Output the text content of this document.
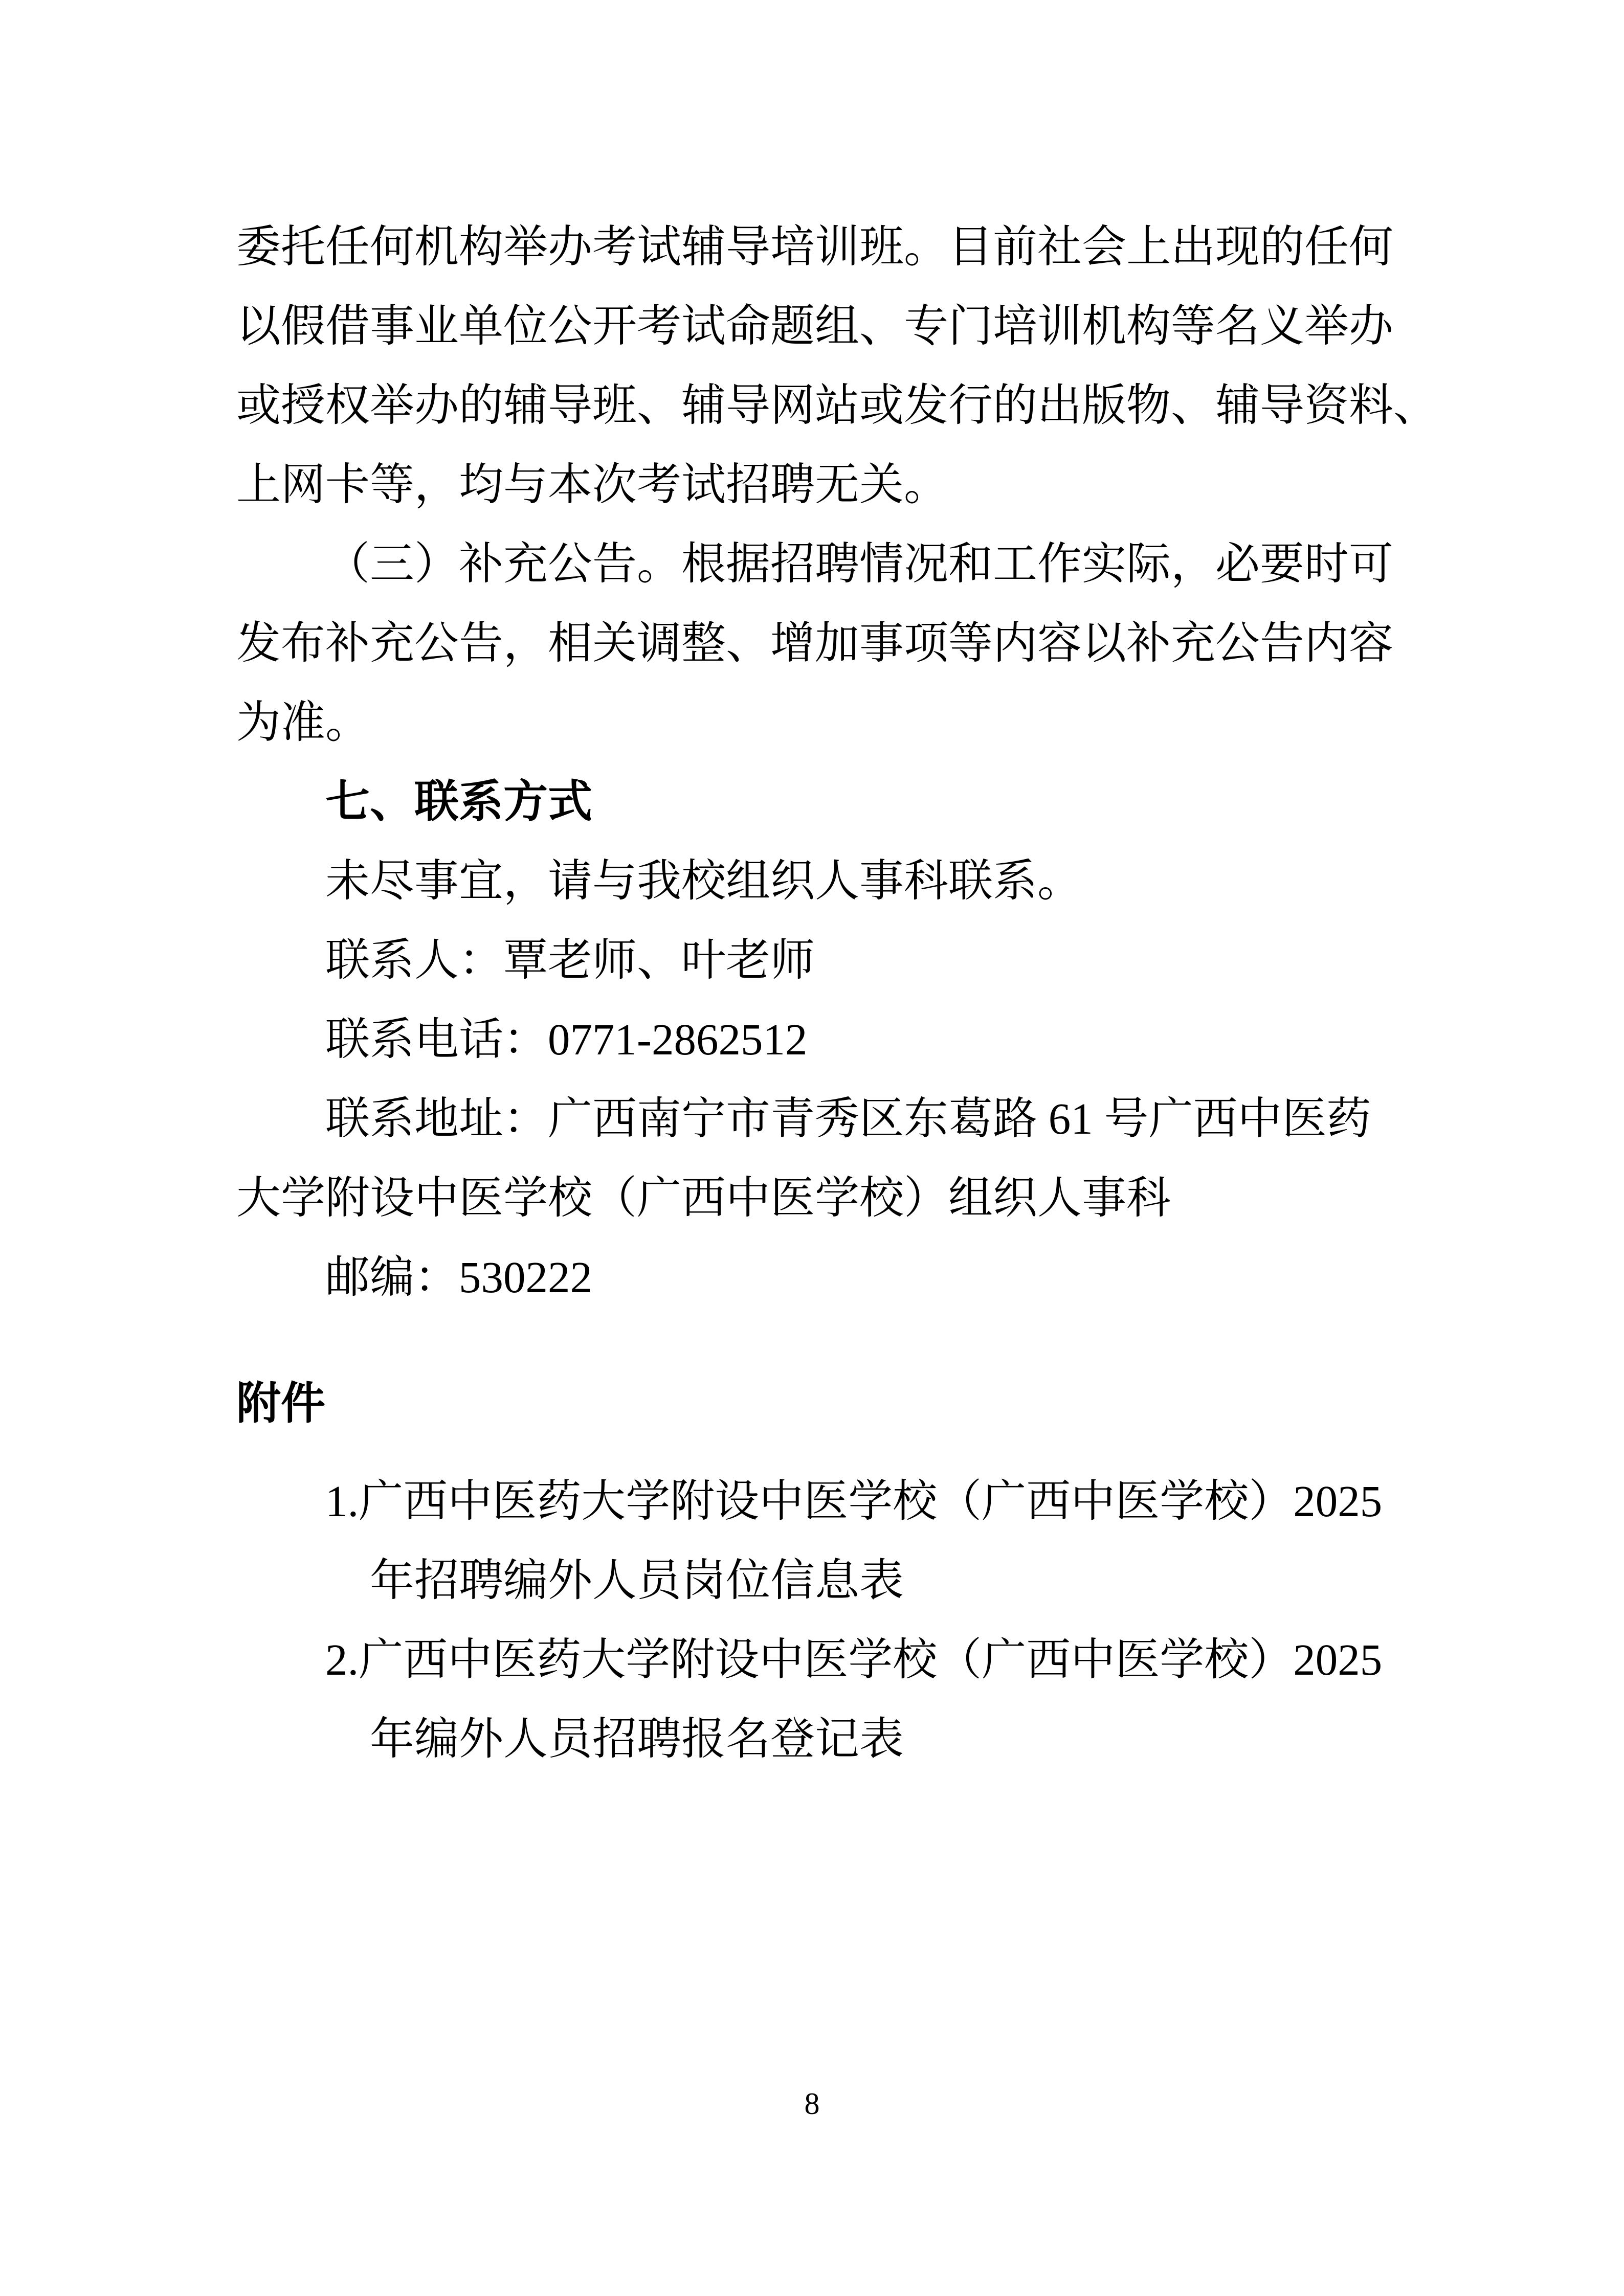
委托任何机构举办考试辅导培训班。目前社会上出现的任何
以假借事业单位公开考试命题组、专门培训机构等名义举办
或授权举办的辅导班、辅导网站或发行的出版物、辅导资料、
上网卡等，均与本次考试招聘无关。
（三）补充公告。根据招聘情况和工作实际，必要时可
发布补充公告，相关调整、增加事项等内容以补充公告内容
为准。
七、联系方式
未尽事宜，请与我校组织人事科联系。
联系人：覃老师、叶老师
联系电话：0771-2862512
联系地址：广西南宁市青秀区东葛路 61 号广西中医药
大学附设中医学校（广西中医学校）组织人事科
邮编：530222
附件
1.广西中医药大学附设中医学校（广西中医学校）2025
年招聘编外人员岗位信息表
2.广西中医药大学附设中医学校（广西中医学校）2025
年编外人员招聘报名登记表
8
